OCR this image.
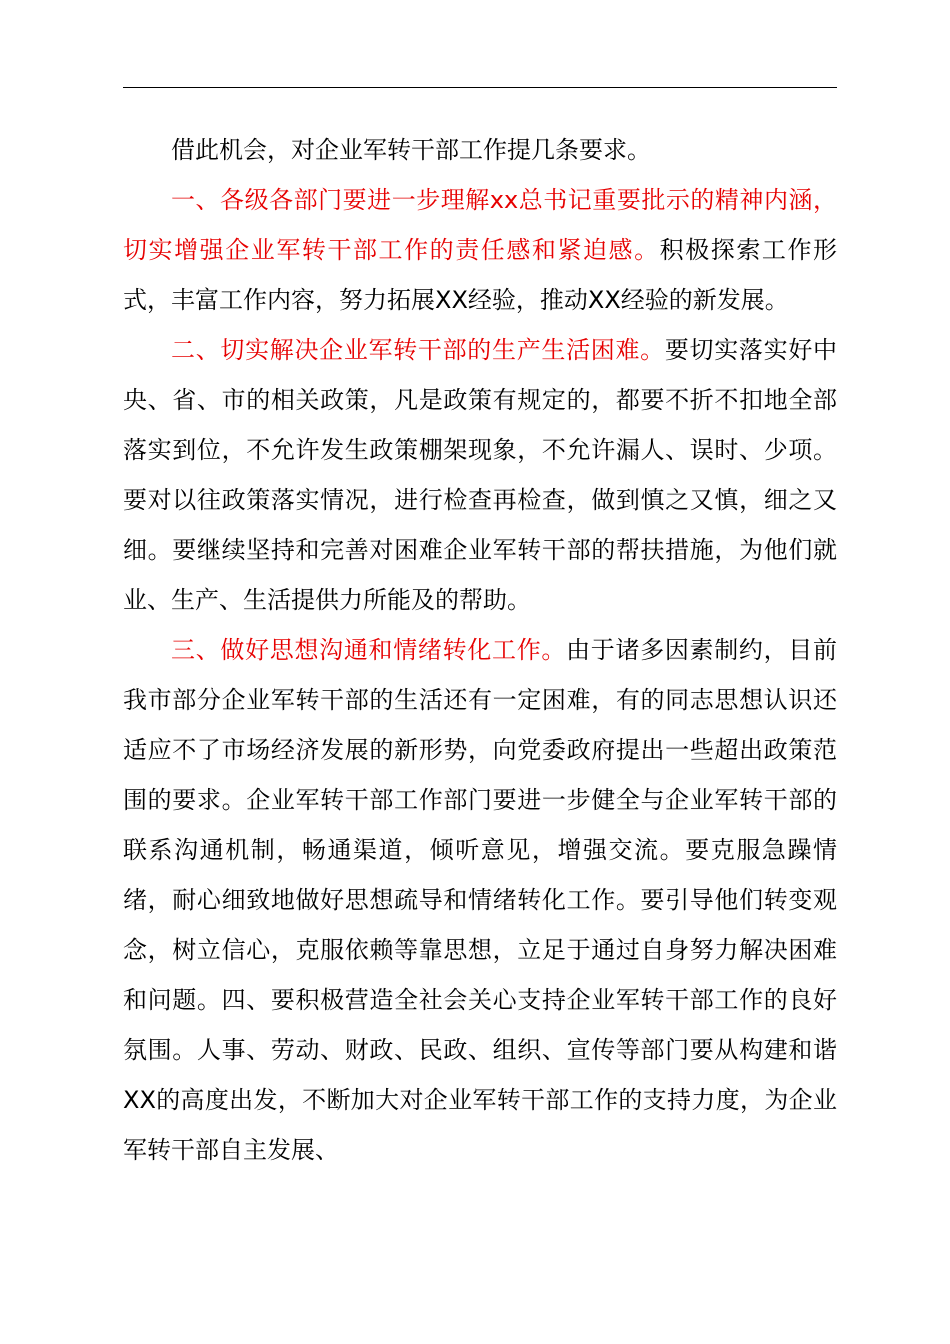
借此机会，对企业军转干部工作提几条要求。

一、各级各部门要进一步理解xx总书记重要批示的精神内涵，切实增强企业军转干部工作的责任感和紧迫感。积极探索工作形式，丰富工作内容，努力拓展XX经验，推动XX经验的新发展。

二、切实解决企业军转干部的生产生活困难。要切实落实好中央、省、市的相关政策，凡是政策有规定的，都要不折不扣地全部落实到位，不允许发生政策棚架现象，不允许漏人、误时、少项。要对以往政策落实情况，进行检查再检查，做到慎之又慎，细之又细。要继续坚持和完善对困难企业军转干部的帮扶措施，为他们就业、生产、生活提供力所能及的帮助。

三、做好思想沟通和情绪转化工作。由于诸多因素制约，目前我市部分企业军转干部的生活还有一定困难，有的同志思想认识还适应不了市场经济发展的新形势，向党委政府提出一些超出政策范围的要求。企业军转干部工作部门要进一步健全与企业军转干部的联系沟通机制，畅通渠道，倾听意见，增强交流。要克服急躁情绪，耐心细致地做好思想疏导和情绪转化工作。要引导他们转变观念，树立信心，克服依赖等靠思想，立足于通过自身努力解决困难和问题。四、要积极营造全社会关心支持企业军转干部工作的良好氛围。人事、劳动、财政、民政、组织、宣传等部门要从构建和谐XX的高度出发，不断加大对企业军转干部工作的支持力度，为企业军转干部自主发展、
